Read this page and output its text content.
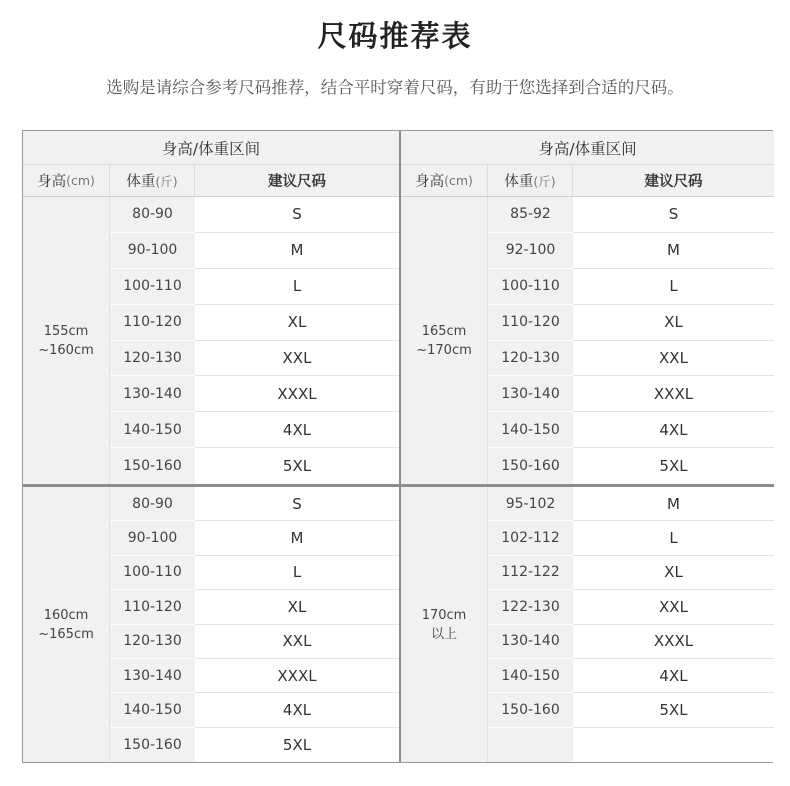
尺码推荐表
选购是请综合参考尺码推荐，结合平时穿着尺码，有助于您选择到合适的尺码。
身高/体重区间
身高 (cm) 体重 (斤)	建议尺码
155cm
~160cm
80-90	S
90-100	M
100-110	L
110-120	XL
120-130	XXL
130-140	XXXL
140-150	4XL
150-160	5XL
身高/体重区间
身高 (cm) 体重 (斤)	建议尺码
165cm
~170cm
85-92	S
92-100	M
100-110	L
110-120	XL
120-130	XXL
130-140	XXXL
140-150	4XL
150-160	5XL
160cm
~165cm
80-90	S
90-100	M
100-110	L
110-120	XL
120-130	XXL
130-140	XXXL
140-150	4XL
150-160	5XL
170cm
以上
95-102	M
102-112	L
112-122	XL
122-130	XXL
130-140	XXXL
140-150	4XL
150-160	5XL
